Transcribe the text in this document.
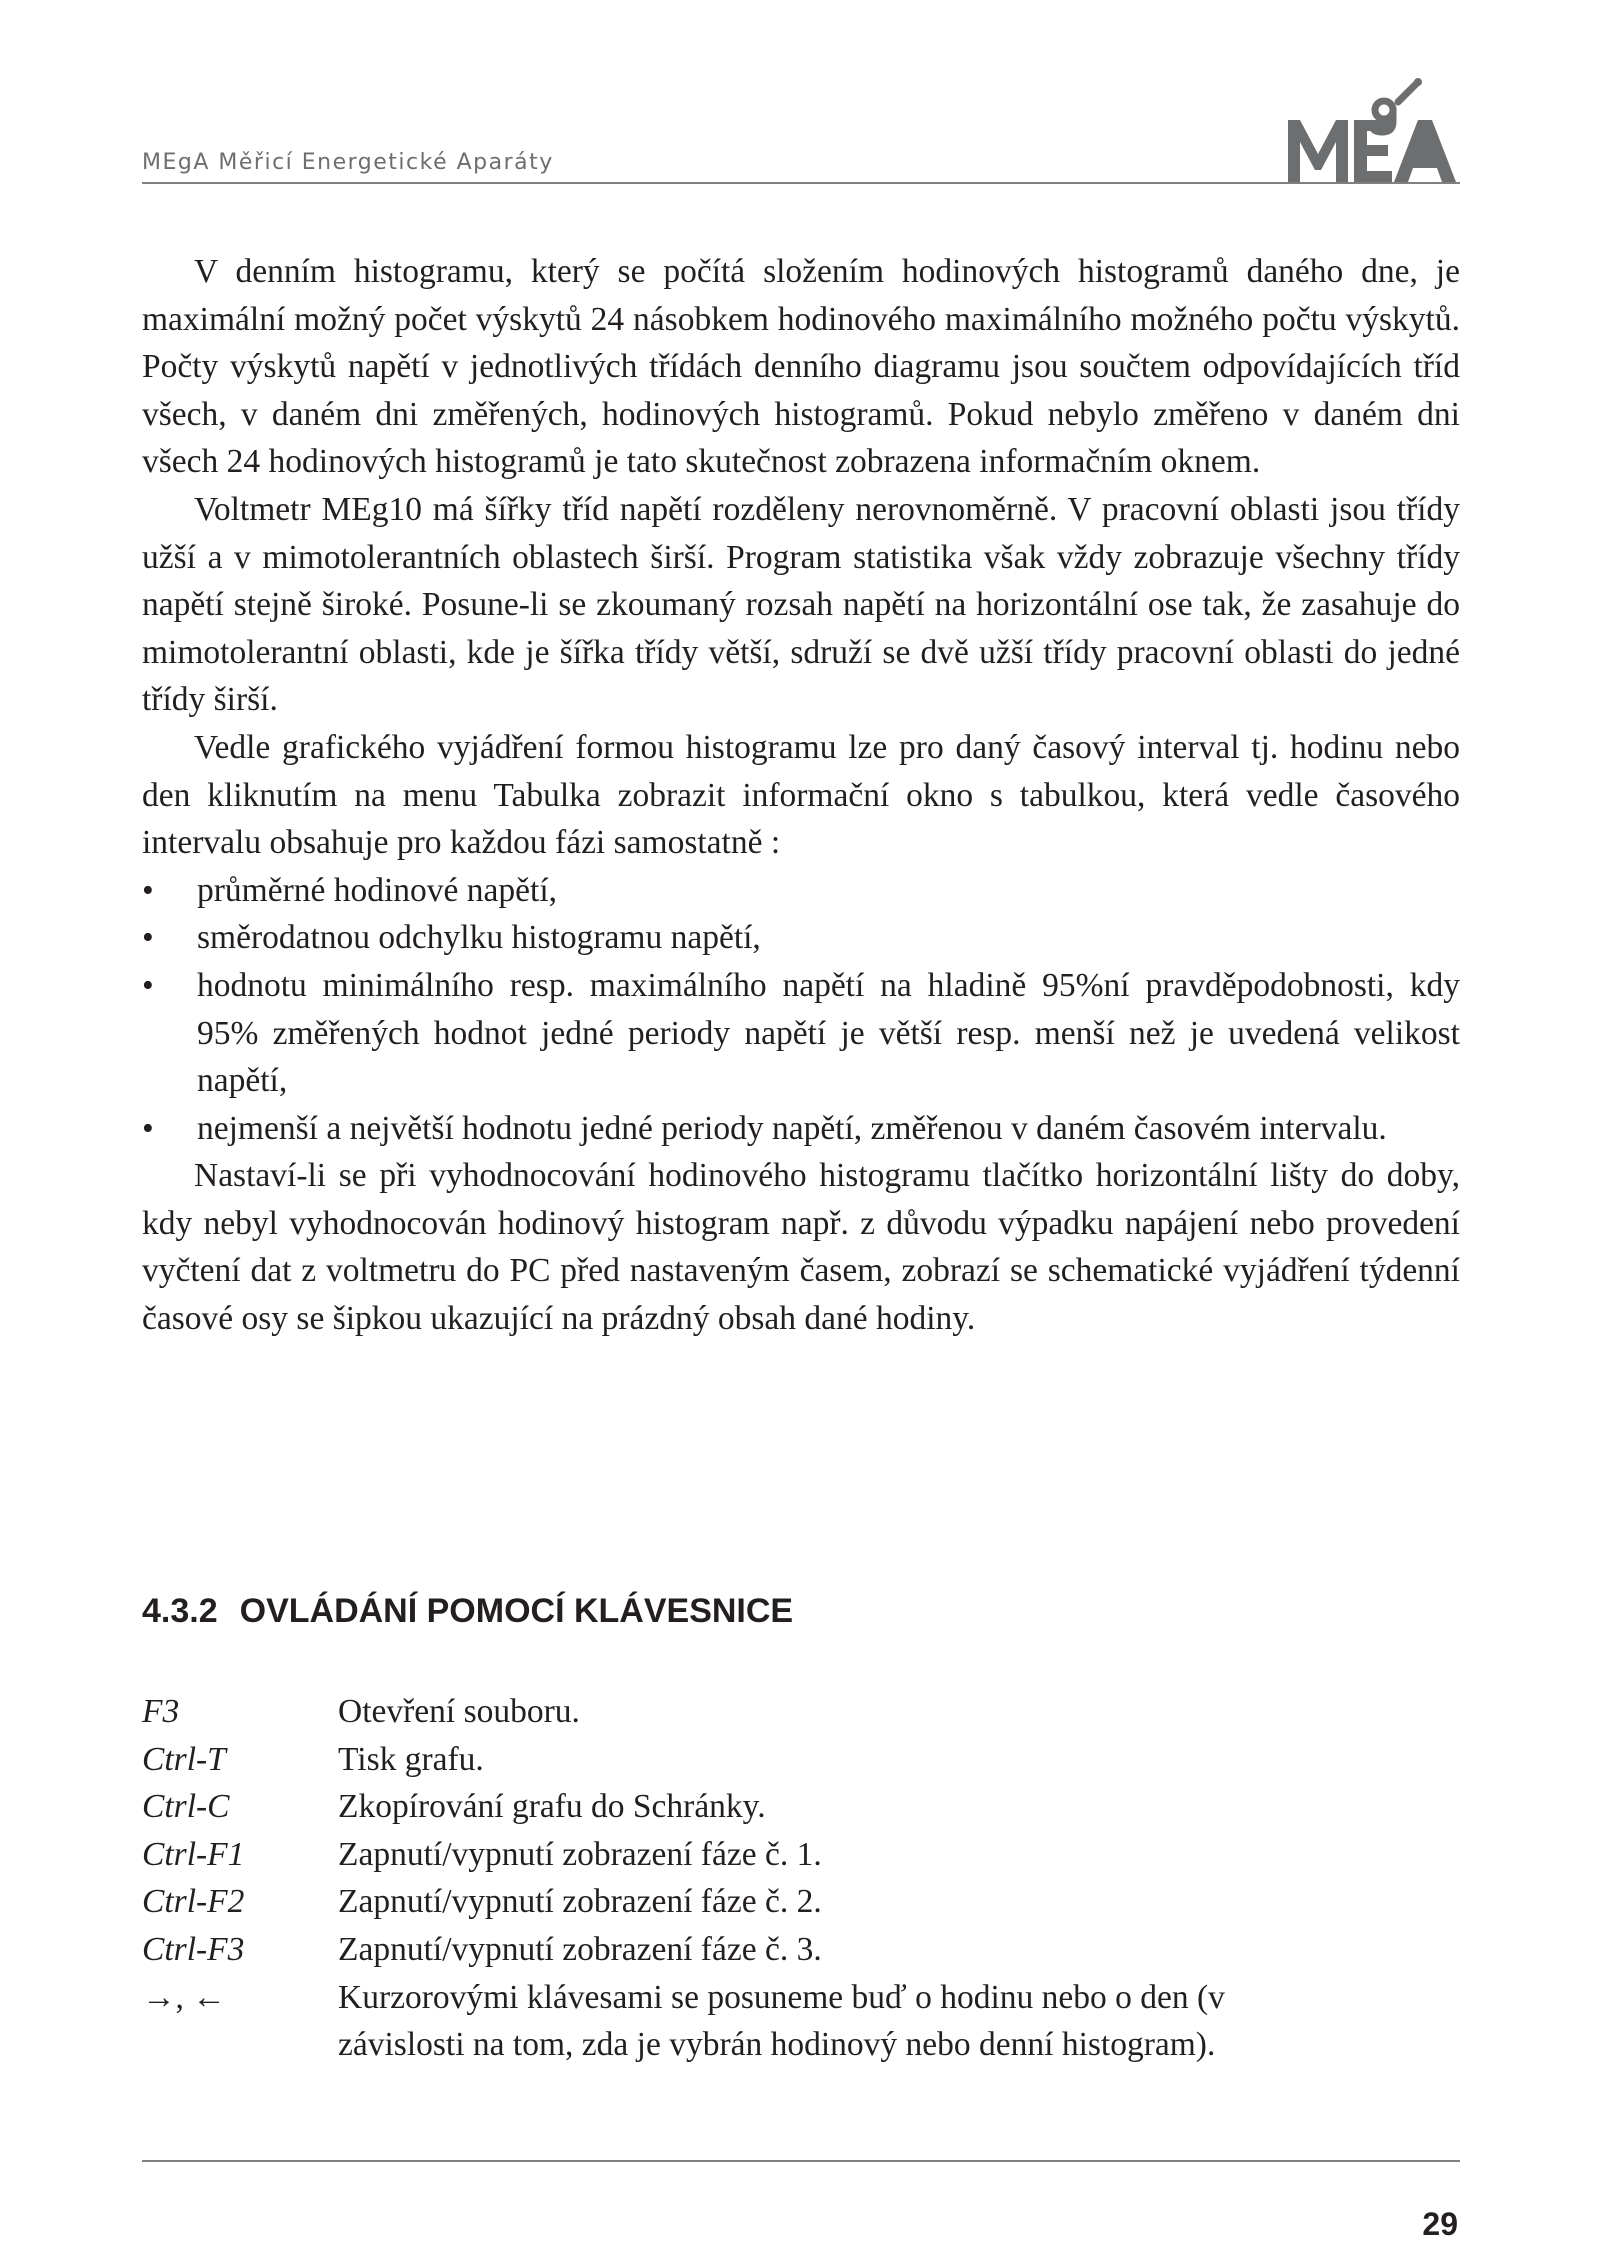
MEgA Měřicí Energetické Aparáty

V denním histogramu, který se počítá složením hodinových histogramů daného dne, je maximální možný počet výskytů 24 násobkem hodinového maximálního možného počtu výskytů. Počty výskytů napětí v jednotlivých třídách denního diagramu jsou součtem odpovídajících tříd všech, v daném dni změřených, hodinových histogramů. Pokud nebylo změřeno v daném dni všech 24 hodinových histogramů je tato skutečnost zobrazena informačním oknem.

Voltmetr MEg10 má šířky tříd napětí rozděleny nerovnoměrně. V pracovní oblasti jsou třídy užší a v mimotolerantních oblastech širší. Program statistika však vždy zobrazuje všechny třídy napětí stejně široké. Posune-li se zkoumaný rozsah napětí na horizontální ose tak, že zasahuje do mimotolerantní oblasti, kde je šířka třídy větší, sdruží se dvě užší třídy pracovní oblasti do jedné třídy širší.

Vedle grafického vyjádření formou histogramu lze pro daný časový interval tj. hodinu nebo den kliknutím na menu Tabulka zobrazit informační okno s tabulkou, která vedle časového intervalu obsahuje pro každou fázi samostatně :

• průměrné hodinové napětí,
• směrodatnou odchylku histogramu napětí,
• hodnotu minimálního resp. maximálního napětí na hladině 95%ní pravděpodobnosti, kdy 95% změřených hodnot jedné periody napětí je větší resp. menší než je uvedená velikost napětí,
• nejmenší a největší hodnotu jedné periody napětí, změřenou v daném časovém intervalu.

Nastaví-li se při vyhodnocování hodinového histogramu tlačítko horizontální lišty do doby, kdy nebyl vyhodnocován hodinový histogram např. z důvodu výpadku napájení nebo provedení vyčtení dat z voltmetru do PC před nastaveným časem, zobrazí se schematické vyjádření týdenní časové osy se šipkou ukazující na prázdný obsah dané hodiny.

4.3.2 OVLÁDÁNÍ POMOCÍ KLÁVESNICE
F3	Otevření souboru.
Ctrl-T	Tisk grafu.
Ctrl-C	Zkopírování grafu do Schránky.
Ctrl-F1	Zapnutí/vypnutí zobrazení fáze č. 1.
Ctrl-F2	Zapnutí/vypnutí zobrazení fáze č. 2.
Ctrl-F3	Zapnutí/vypnutí zobrazení fáze č. 3.
→, ←	Kurzorovými klávesami se posuneme buď o hodinu nebo o den (v závislosti na tom, zda je vybrán hodinový nebo denní histogram).
29
